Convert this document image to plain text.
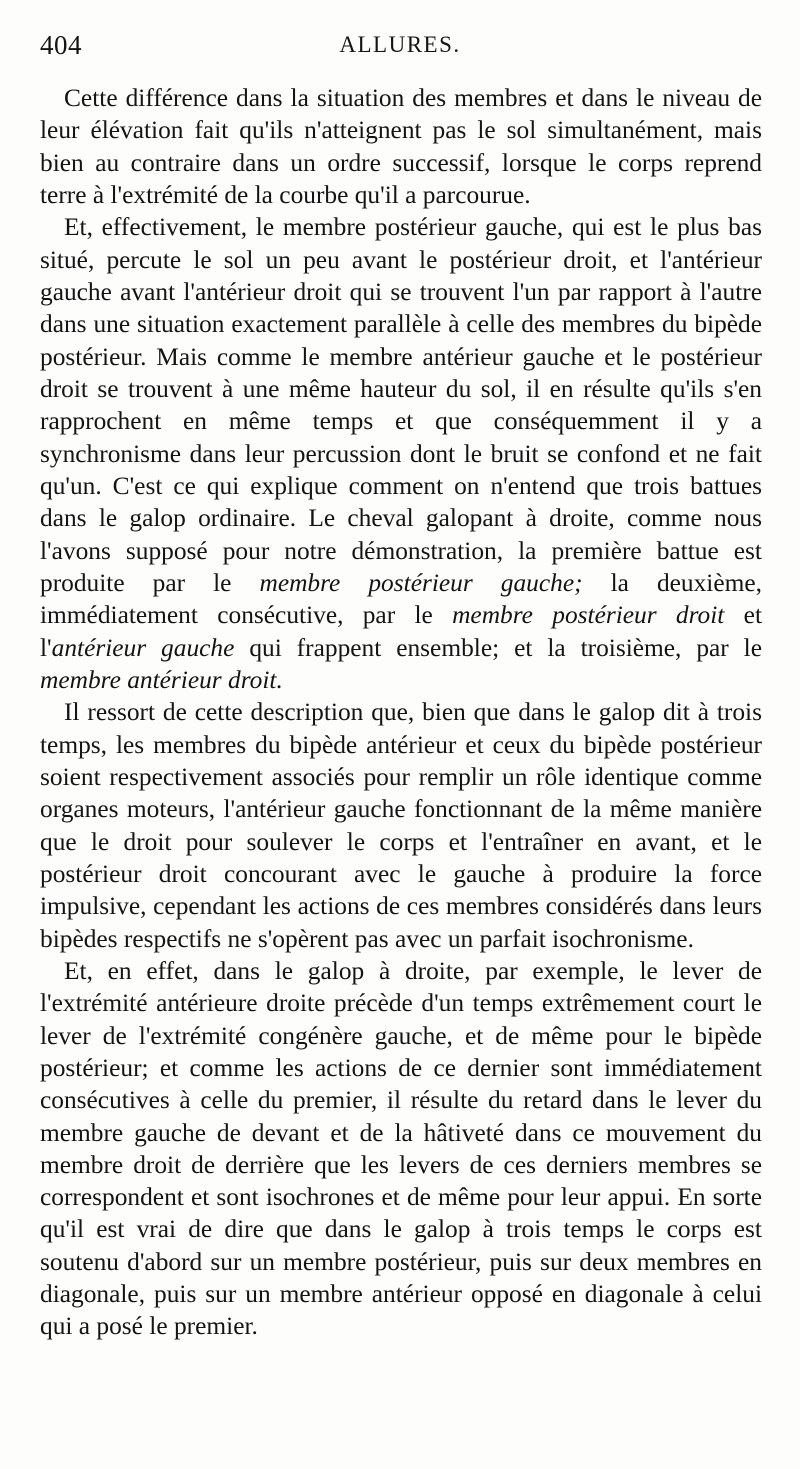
404	ALLURES.

Cette différence dans la situation des membres et dans le niveau de leur élévation fait qu'ils n'atteignent pas le sol simultanément, mais bien au contraire dans un ordre successif, lorsque le corps reprend terre à l'extrémité de la courbe qu'il a parcourue.

Et, effectivement, le membre postérieur gauche, qui est le plus bas situé, percute le sol un peu avant le postérieur droit, et l'antérieur gauche avant l'antérieur droit qui se trouvent l'un par rapport à l'autre dans une situation exactement parallèle à celle des membres du bipède postérieur. Mais comme le membre antérieur gauche et le postérieur droit se trouvent à une même hauteur du sol, il en résulte qu'ils s'en rapprochent en même temps et que conséquemment il y a synchronisme dans leur percussion dont le bruit se confond et ne fait qu'un. C'est ce qui explique comment on n'entend que trois battues dans le galop ordinaire. Le cheval galopant à droite, comme nous l'avons supposé pour notre démonstration, la première battue est produite par le membre postérieur gauche; la deuxième, immédiatement consécutive, par le membre postérieur droit et l'antérieur gauche qui frappent ensemble; et la troisième, par le membre antérieur droit.

Il ressort de cette description que, bien que dans le galop dit à trois temps, les membres du bipède antérieur et ceux du bipède postérieur soient respectivement associés pour remplir un rôle identique comme organes moteurs, l'antérieur gauche fonctionnant de la même manière que le droit pour soulever le corps et l'entraîner en avant, et le postérieur droit concourant avec le gauche à produire la force impulsive, cependant les actions de ces membres considérés dans leurs bipèdes respectifs ne s'opèrent pas avec un parfait isochronisme.

Et, en effet, dans le galop à droite, par exemple, le lever de l'extrémité antérieure droite précède d'un temps extrêmement court le lever de l'extrémité congénère gauche, et de même pour le bipède postérieur; et comme les actions de ce dernier sont immédiatement consécutives à celle du premier, il résulte du retard dans le lever du membre gauche de devant et de la hâtiveté dans ce mouvement du membre droit de derrière que les levers de ces derniers membres se correspondent et sont isochrones et de même pour leur appui. En sorte qu'il est vrai de dire que dans le galop à trois temps le corps est soutenu d'abord sur un membre postérieur, puis sur deux membres en diagonale, puis sur un membre antérieur opposé en diagonale à celui qui a posé le premier.
